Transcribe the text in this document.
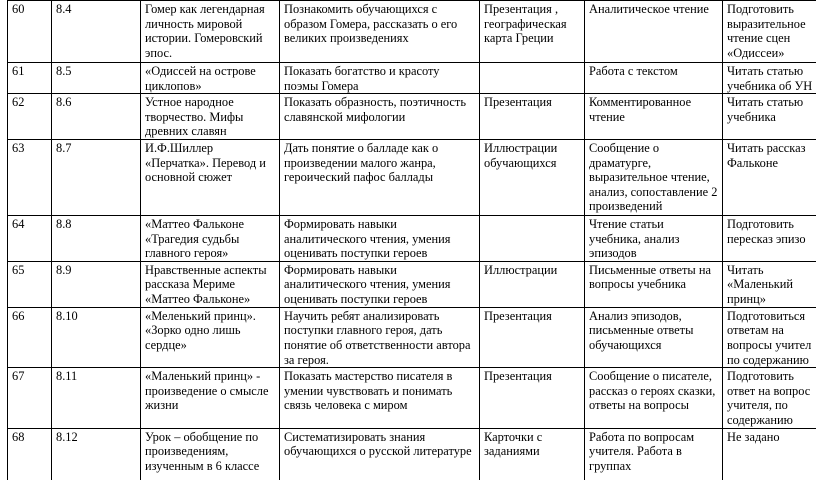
60	8.4	Гомер как легендарная личность мировой истории. Гомеровский эпос.	Познакомить обучающихся с образом Гомера, рассказать о его великих произведениях	Презентация , географическая карта Греции	Аналитическое чтение	Подготовить
выразительное
чтение сцен
«Одиссеи»

61	8.5	«Одиссей на острове циклопов»	Показать богатство и красоту поэмы Гомера		Работа с текстом	Читать статью
учебника об УН

62	8.6	Устное народное творчество. Мифы древних славян	Показать образность, поэтичность славянской мифологии	Презентация	Комментированное чтение	Читать статью
учебника

63	8.7	И.Ф.Шиллер «Перчатка». Перевод и основной сюжет	Дать понятие о балладе как о произведении малого жанра, героический пафос баллады	Иллюстрации обучающихся	Сообщение о драматурге, выразительное чтение, анализ, сопоставление 2 произведений	Читать рассказ
Фальконе

64	8.8	«Маттео Фальконе «Трагедия судьбы главного героя»	Формировать навыки аналитического чтения, умения оценивать поступки героев		Чтение статьи учебника, анализ эпизодов	Подготовить
пересказ эпизо

65	8.9	Нравственные аспекты рассказа Мериме «Маттео Фальконе»	Формировать навыки аналитического чтения, умения оценивать поступки героев	Иллюстрации	Письменные ответы на вопросы учебника	Читать
«Маленький
принц»

66	8.10	«Меленький принц». «Зорко одно лишь сердце»	Научить ребят анализировать поступки главного героя, дать понятие об ответственности автора за героя.	Презентация	Анализ эпизодов, письменные ответы обучающихся	Подготовиться
ответам на
вопросы учител
по содержанию

67	8.11	«Маленький принц» - произведение о смысле жизни	Показать мастерство писателя в умении чувствовать и понимать связь человека с миром	Презентация	Сообщение о писателе, рассказ о героях сказки, ответы на вопросы	Подготовить
ответ на вопрос
учителя, по
содержанию

68	8.12	Урок – обобщение по произведениям, изученным в 6 классе	Систематизировать знания обучающихся о русской литературе	Карточки с заданиями	Работа по вопросам учителя. Работа в группах	Не задано
